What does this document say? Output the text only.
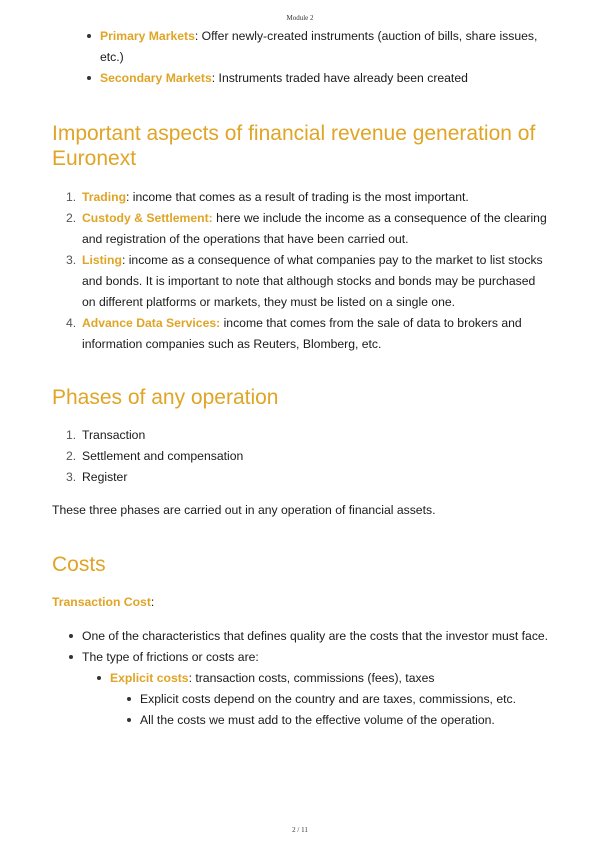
Module 2
Primary Markets: Offer newly-created instruments (auction of bills, share issues, etc.)
Secondary Markets: Instruments traded have already been created
Important aspects of financial revenue generation of Euronext
1. Trading: income that comes as a result of trading is the most important.
2. Custody & Settlement: here we include the income as a consequence of the clearing and registration of the operations that have been carried out.
3. Listing: income as a consequence of what companies pay to the market to list stocks and bonds. It is important to note that although stocks and bonds may be purchased on different platforms or markets, they must be listed on a single one.
4. Advance Data Services: income that comes from the sale of data to brokers and information companies such as Reuters, Blomberg, etc.
Phases of any operation
1. Transaction
2. Settlement and compensation
3. Register

These three phases are carried out in any operation of financial assets.

Costs

Transaction Cost:

One of the characteristics that defines quality are the costs that the investor must face.
The type of frictions or costs are:
Explicit costs: transaction costs, commissions (fees), taxes
Explicit costs depend on the country and are taxes, commissions, etc.
All the costs we must add to the effective volume of the operation.
2 / 11
